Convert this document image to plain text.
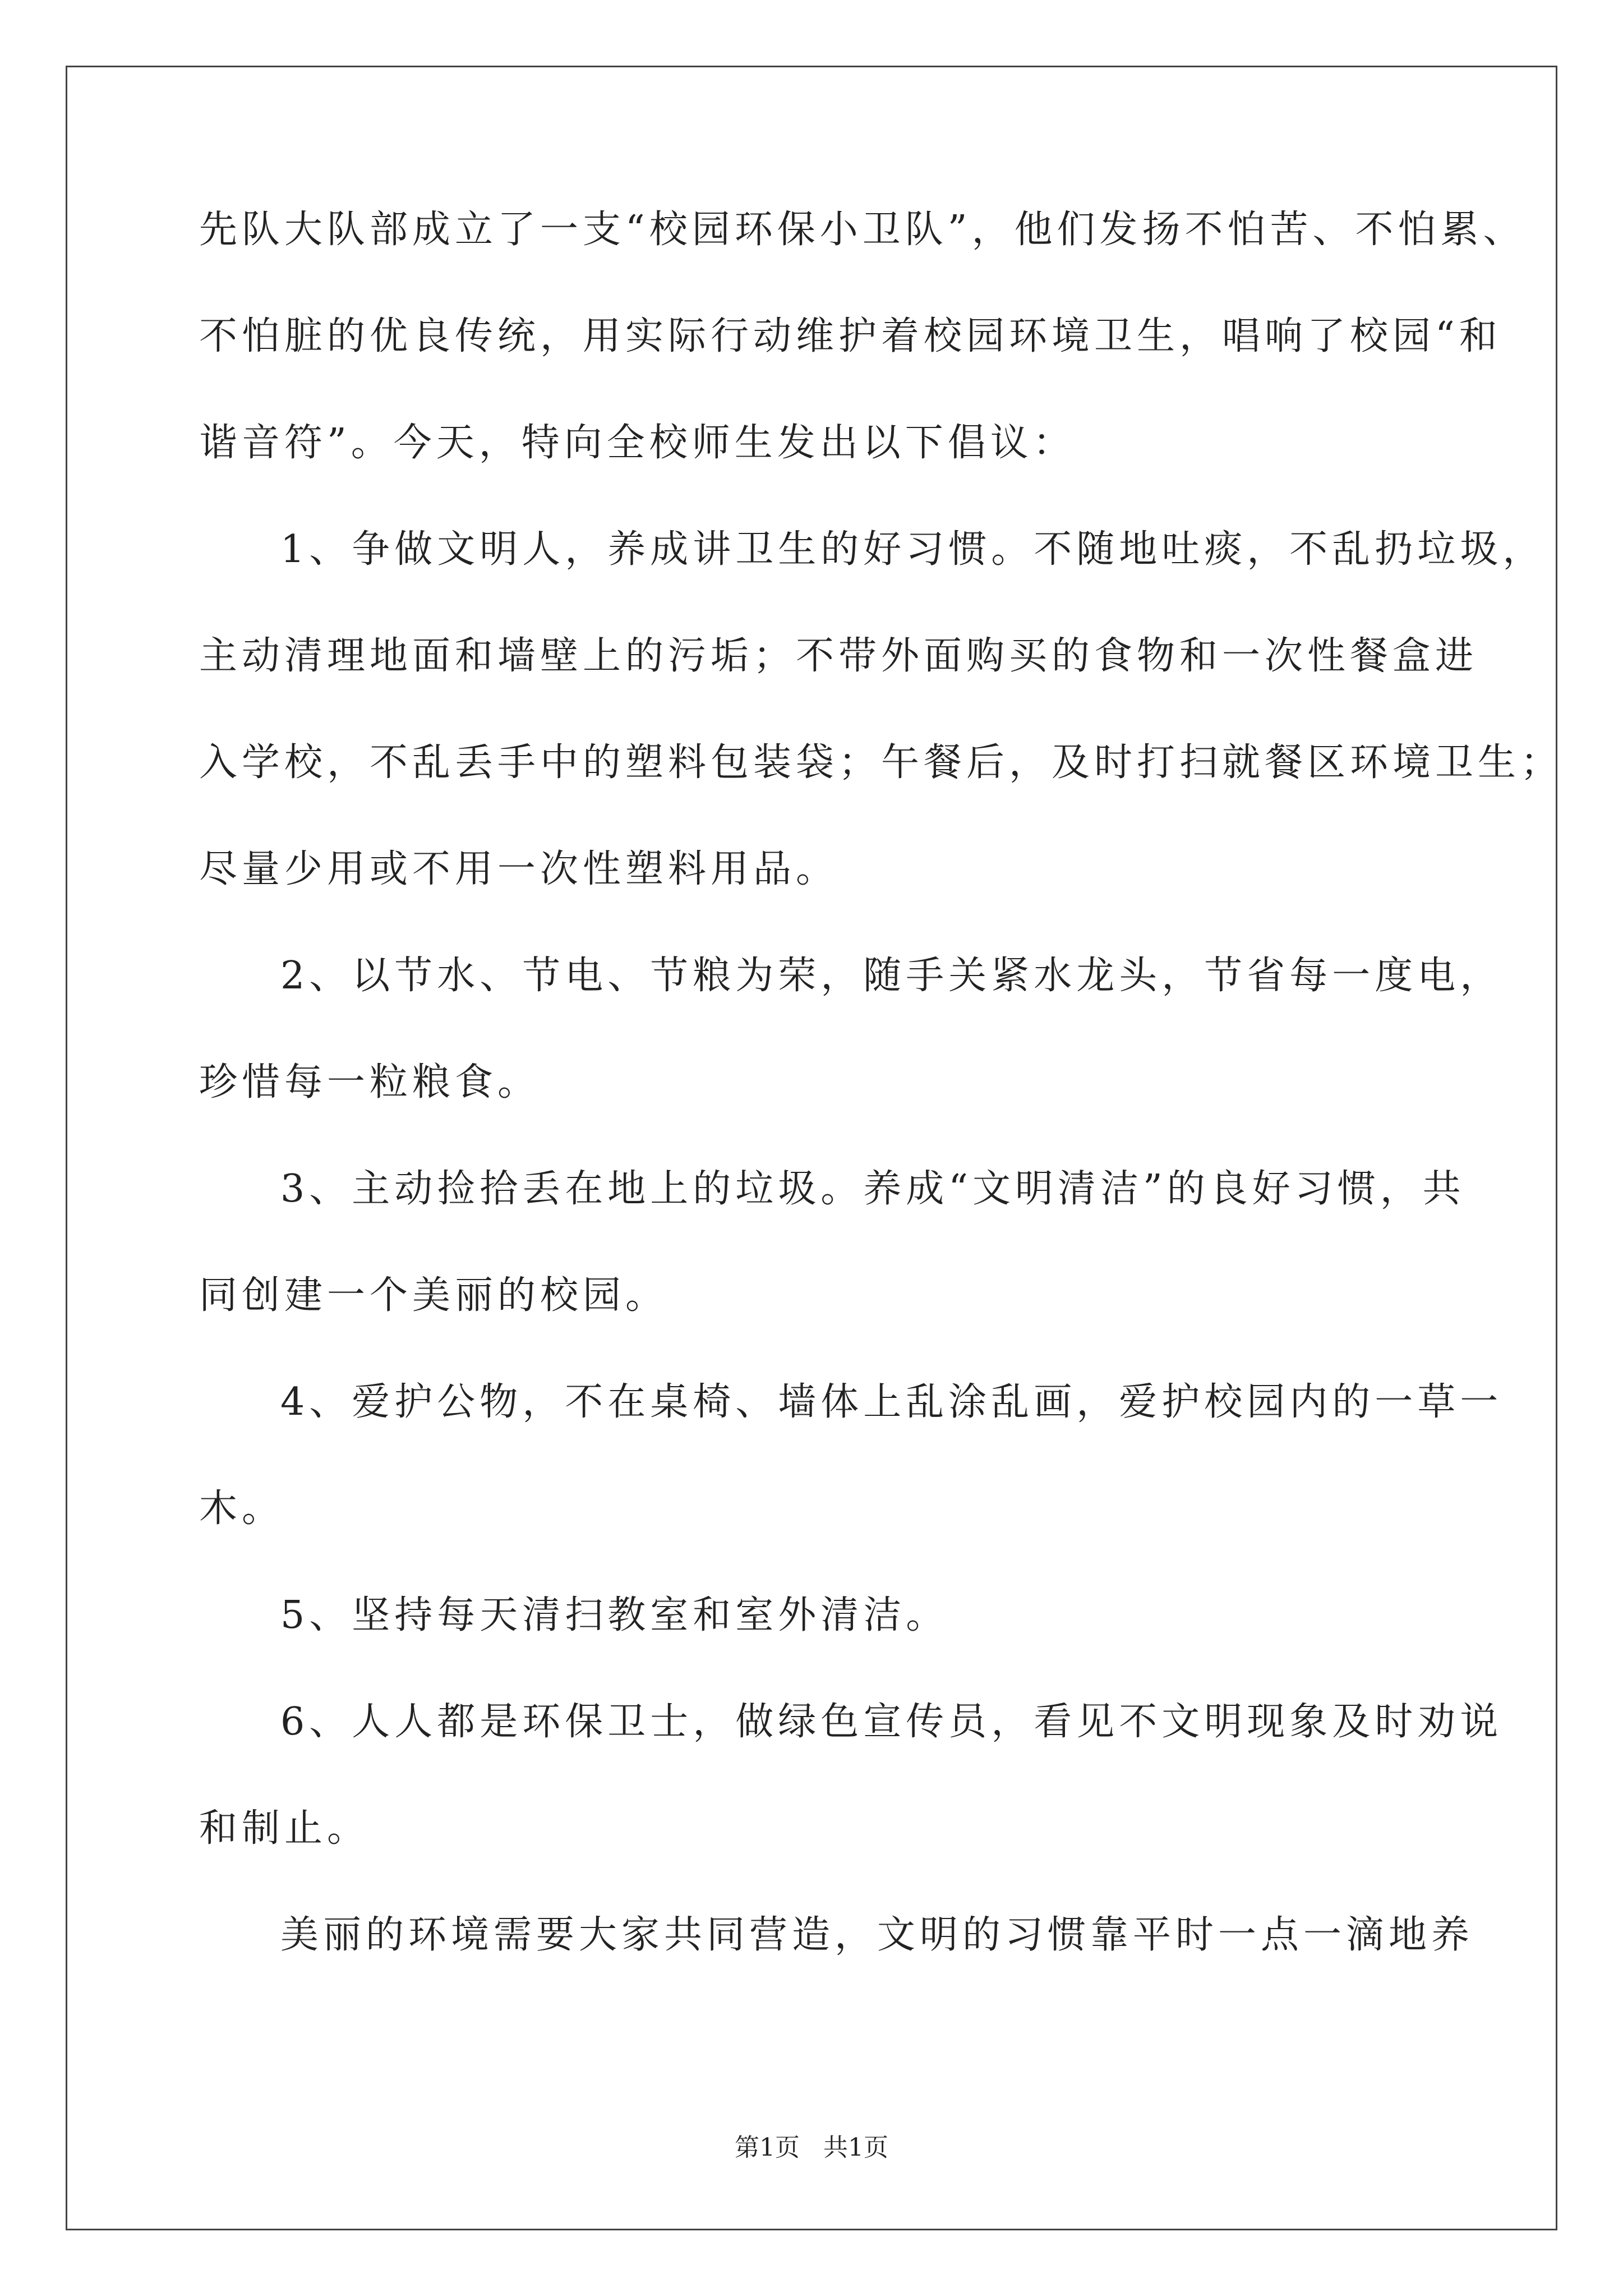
先队大队部成立了一支“校园环保小卫队”，他们发扬不怕苦、不怕累、
不怕脏的优良传统，用实际行动维护着校园环境卫生，唱响了校园“和
谐音符”。今天，特向全校师生发出以下倡议：
1、争做文明人，养成讲卫生的好习惯。不随地吐痰，不乱扔垃圾，
主动清理地面和墙壁上的污垢；不带外面购买的食物和一次性餐盒进
入学校，不乱丢手中的塑料包装袋；午餐后，及时打扫就餐区环境卫生；
尽量少用或不用一次性塑料用品。
2、以节水、节电、节粮为荣，随手关紧水龙头，节省每一度电，
珍惜每一粒粮食。
3、主动捡拾丢在地上的垃圾。养成“文明清洁”的良好习惯，共
同创建一个美丽的校园。
4、爱护公物，不在桌椅、墙体上乱涂乱画，爱护校园内的一草一
木。
5、坚持每天清扫教室和室外清洁。
6、人人都是环保卫士，做绿色宣传员，看见不文明现象及时劝说
和制止。
美丽的环境需要大家共同营造，文明的习惯靠平时一点一滴地养
第1页 共1页
